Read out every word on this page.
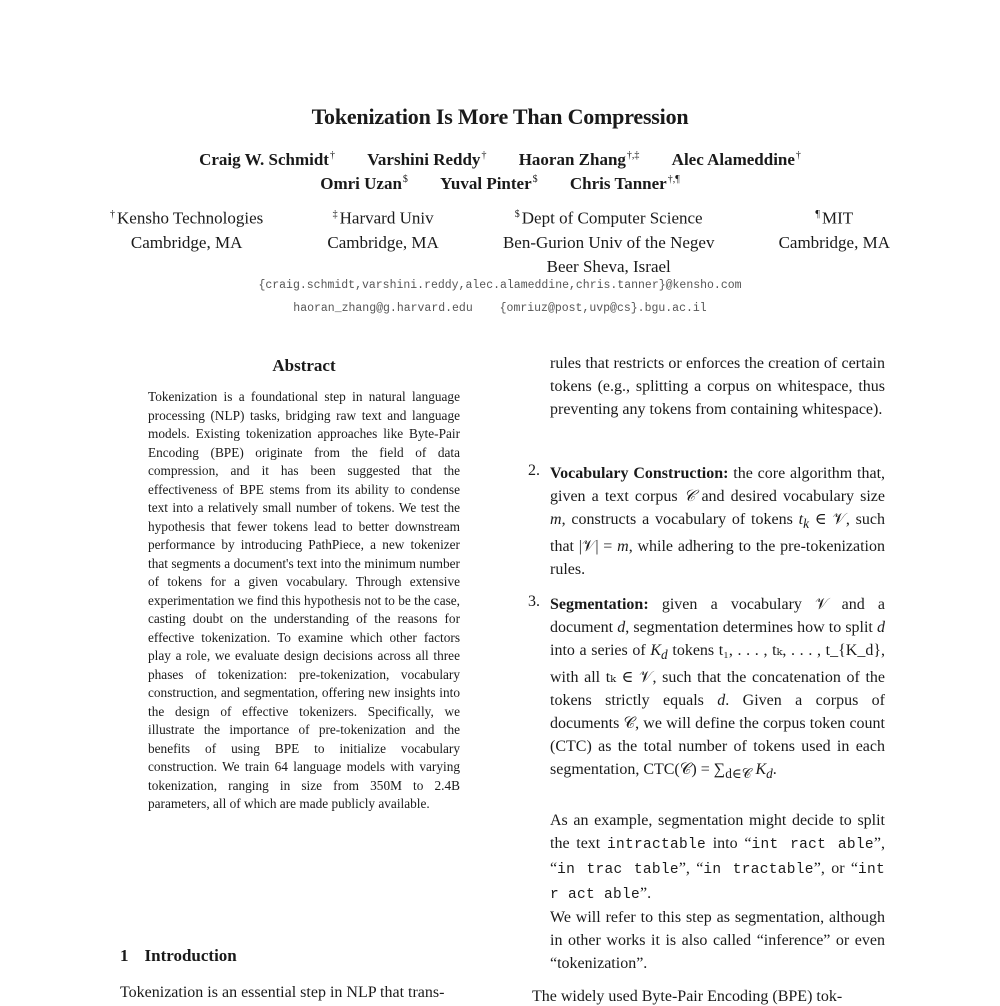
Tokenization Is More Than Compression
Craig W. Schmidt† Varshini Reddy† Haoran Zhang†,‡ Alec Alameddine†
Omri Uzan$ Yuval Pinter$ Chris Tanner†,¶
† Kensho Technologies
Cambridge, MA
‡ Harvard Univ
Cambridge, MA
$ Dept of Computer Science
Ben-Gurion Univ of the Negev
Beer Sheva, Israel
¶ MIT
Cambridge, MA
{craig.schmidt,varshini.reddy,alec.alameddine,chris.tanner}@kensho.com
haoran_zhang@g.harvard.edu {omriuz@post,uvp@cs}.bgu.ac.il
Abstract
Tokenization is a foundational step in natural language processing (NLP) tasks, bridging raw text and language models. Existing tokenization approaches like Byte-Pair Encoding (BPE) originate from the field of data compression, and it has been suggested that the effectiveness of BPE stems from its ability to condense text into a relatively small number of tokens. We test the hypothesis that fewer tokens lead to better downstream performance by introducing PathPiece, a new tokenizer that segments a document's text into the minimum number of tokens for a given vocabulary. Through extensive experimentation we find this hypothesis not to be the case, casting doubt on the understanding of the reasons for effective tokenization. To examine which other factors play a role, we evaluate design decisions across all three phases of tokenization: pre-tokenization, vocabulary construction, and segmentation, offering new insights into the design of effective tokenizers. Specifically, we illustrate the importance of pre-tokenization and the benefits of using BPE to initialize vocabulary construction. We train 64 language models with varying tokenization, ranging in size from 350M to 2.4B parameters, all of which are made publicly available.
1 Introduction
Tokenization is an essential step in NLP that trans-
rules that restricts or enforces the creation of certain tokens (e.g., splitting a corpus on whitespace, thus preventing any tokens from containing whitespace).
2. Vocabulary Construction: the core algorithm that, given a text corpus 𝒞 and desired vocabulary size m, constructs a vocabulary of tokens $t_k$ ∈ 𝒱, such that |𝒱| = m, while adhering to the pre-tokenization rules.
3. Segmentation: given a vocabulary 𝒱 and a document d, segmentation determines how to split d into a series of $K_d$ tokens t₁, . . . , tₖ, . . . , t_{K_d}, with all tₖ ∈ 𝒱, such that the concatenation of the tokens strictly equals d. Given a corpus of documents 𝒞, we will define the corpus token count (CTC) as the total number of tokens used in each segmentation, CTC(𝒞) = $\sum_{d\in 𝒞}$ $K_d$.
As an example, segmentation might decide to split the text intractable into “int ract able”, “in trac table”, “in tractable”, or “int r act able”.
We will refer to this step as segmentation, although in other works it is also called “inference” or even “tokenization”.
The widely used Byte-Pair Encoding (BPE) tok-
